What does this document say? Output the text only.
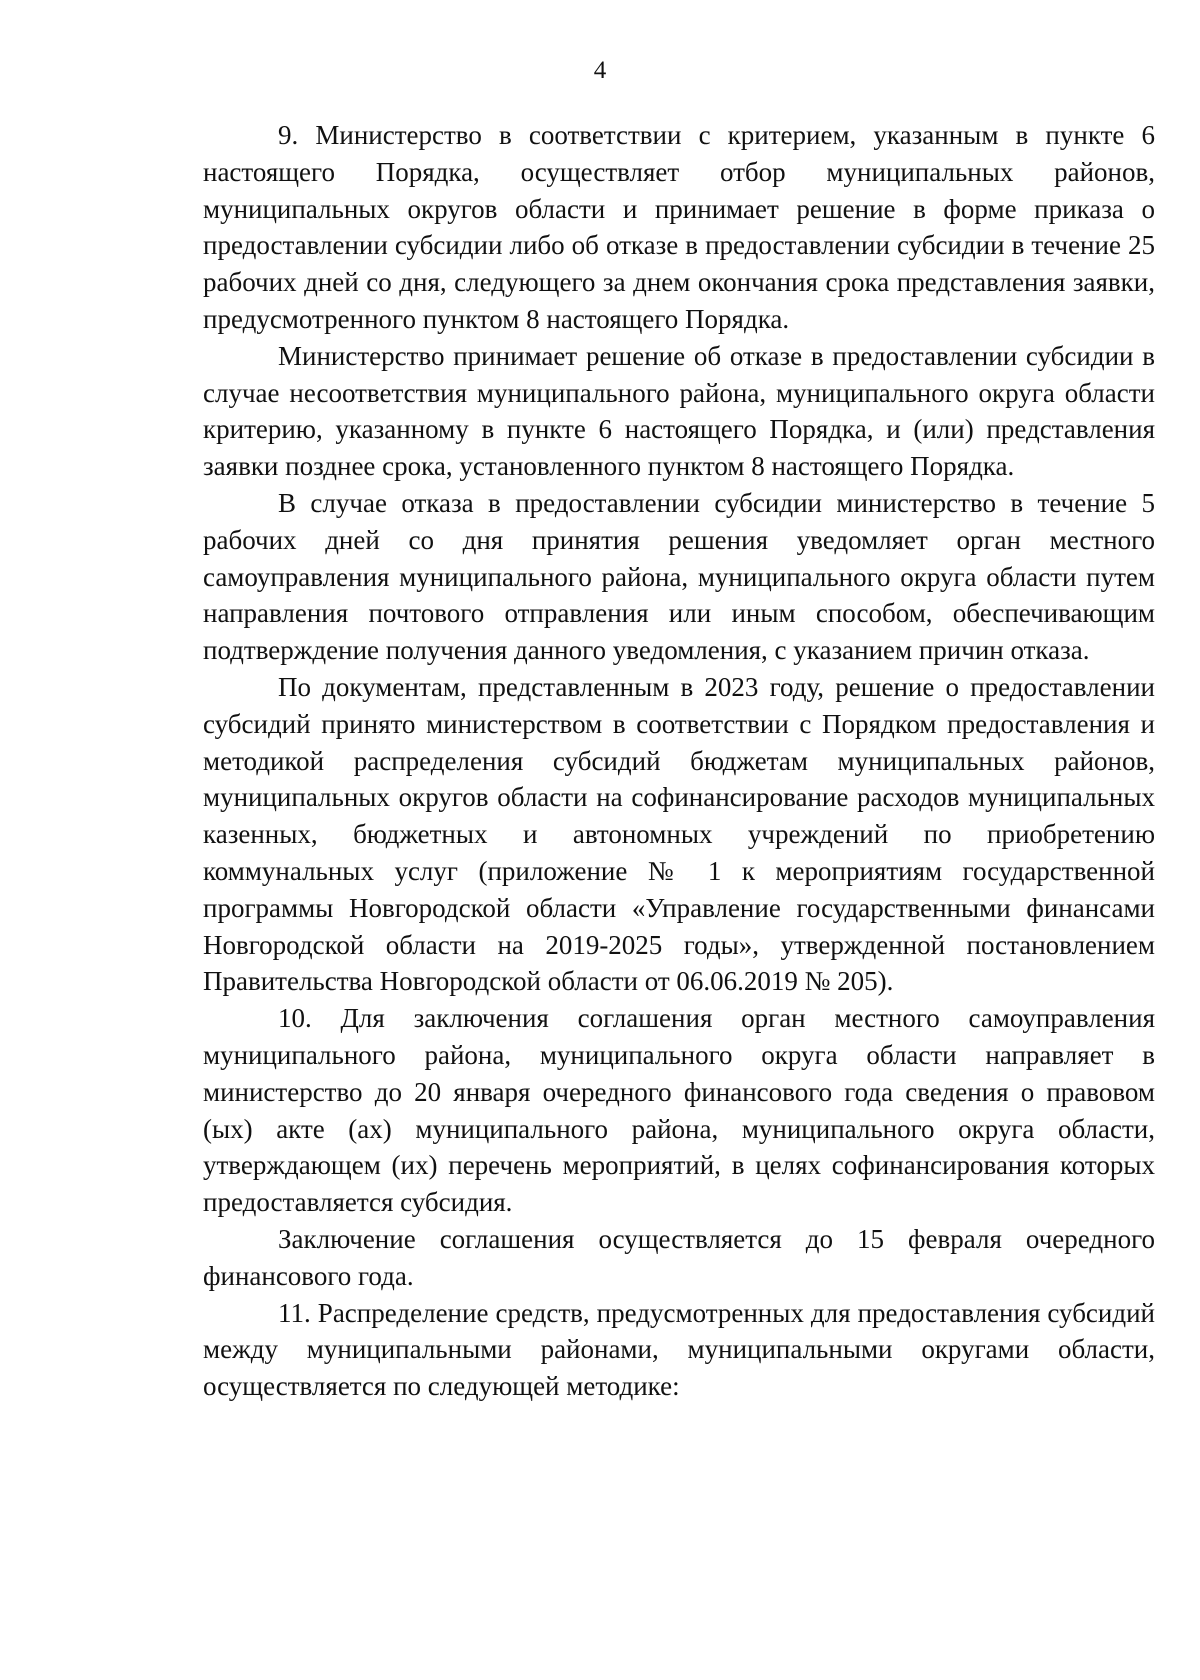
4

9. Министерство в соответствии с критерием, указанным в пункте 6 настоящего Порядка, осуществляет отбор муниципальных районов, муниципальных округов области и принимает решение в форме приказа о предоставлении субсидии либо об отказе в предоставлении субсидии в течение 25 рабочих дней со дня, следующего за днем окончания срока представления заявки, предусмотренного пунктом 8 настоящего Порядка.

Министерство принимает решение об отказе в предоставлении субсидии в случае несоответствия муниципального района, муниципального округа области критерию, указанному в пункте 6 настоящего Порядка, и (или) представления заявки позднее срока, установленного пунктом 8 настоящего Порядка.

В случае отказа в предоставлении субсидии министерство в течение 5 рабочих дней со дня принятия решения уведомляет орган местного самоуправления муниципального района, муниципального округа области путем направления почтового отправления или иным способом, обеспечивающим подтверждение получения данного уведомления, с указанием причин отказа.

По документам, представленным в 2023 году, решение о предоставлении субсидий принято министерством в соответствии с Порядком предоставления и методикой распределения субсидий бюджетам муниципальных районов, муниципальных округов области на софинансирование расходов муниципальных казенных, бюджетных и автономных учреждений по приобретению коммунальных услуг (приложение № 1 к мероприятиям государственной программы Новгородской области «Управление государственными финансами Новгородской области на 2019-2025 годы», утвержденной постановлением Правительства Новгородской области от 06.06.2019 № 205).

10. Для заключения соглашения орган местного самоуправления муниципального района, муниципального округа области направляет в министерство до 20 января очередного финансового года сведения о правовом (ых) акте (ах) муниципального района, муниципального округа области, утверждающем (их) перечень мероприятий, в целях софинансирования которых предоставляется субсидия.

Заключение соглашения осуществляется до 15 февраля очередного финансового года.

11. Распределение средств, предусмотренных для предоставления субсидий между муниципальными районами, муниципальными округами области, осуществляется по следующей методике:
